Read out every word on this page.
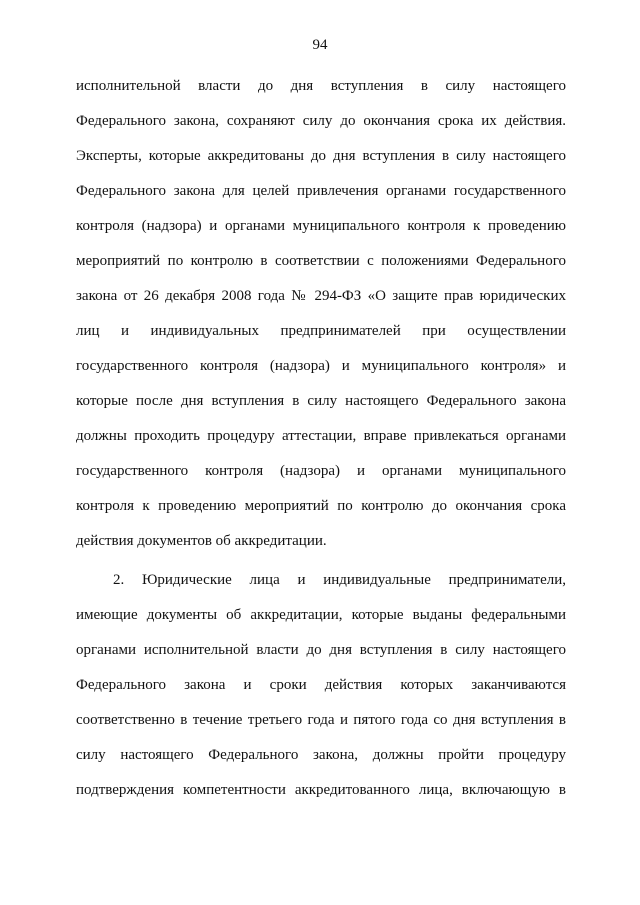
94
исполнительной власти до дня вступления в силу настоящего
Федерального закона, сохраняют силу до окончания срока их действия.
Эксперты, которые аккредитованы до дня вступления в силу настоящего
Федерального закона для целей привлечения органами государственного
контроля (надзора) и органами муниципального контроля к проведению
мероприятий по контролю в соответствии с положениями Федерального
закона от 26 декабря 2008 года № 294-ФЗ «О защите прав юридических
лиц и индивидуальных предпринимателей при осуществлении
государственного контроля (надзора) и муниципального контроля» и
которые после дня вступления в силу настоящего Федерального закона
должны проходить процедуру аттестации, вправе привлекаться органами
государственного контроля (надзора) и органами муниципального
контроля к проведению мероприятий по контролю до окончания срока
действия документов об аккредитации.
2. Юридические лица и индивидуальные предприниматели,
имеющие документы об аккредитации, которые выданы федеральными
органами исполнительной власти до дня вступления в силу настоящего
Федерального закона и сроки действия которых заканчиваются
соответственно в течение третьего года и пятого года со дня вступления в
силу настоящего Федерального закона, должны пройти процедуру
подтверждения компетентности аккредитованного лица, включающую в
